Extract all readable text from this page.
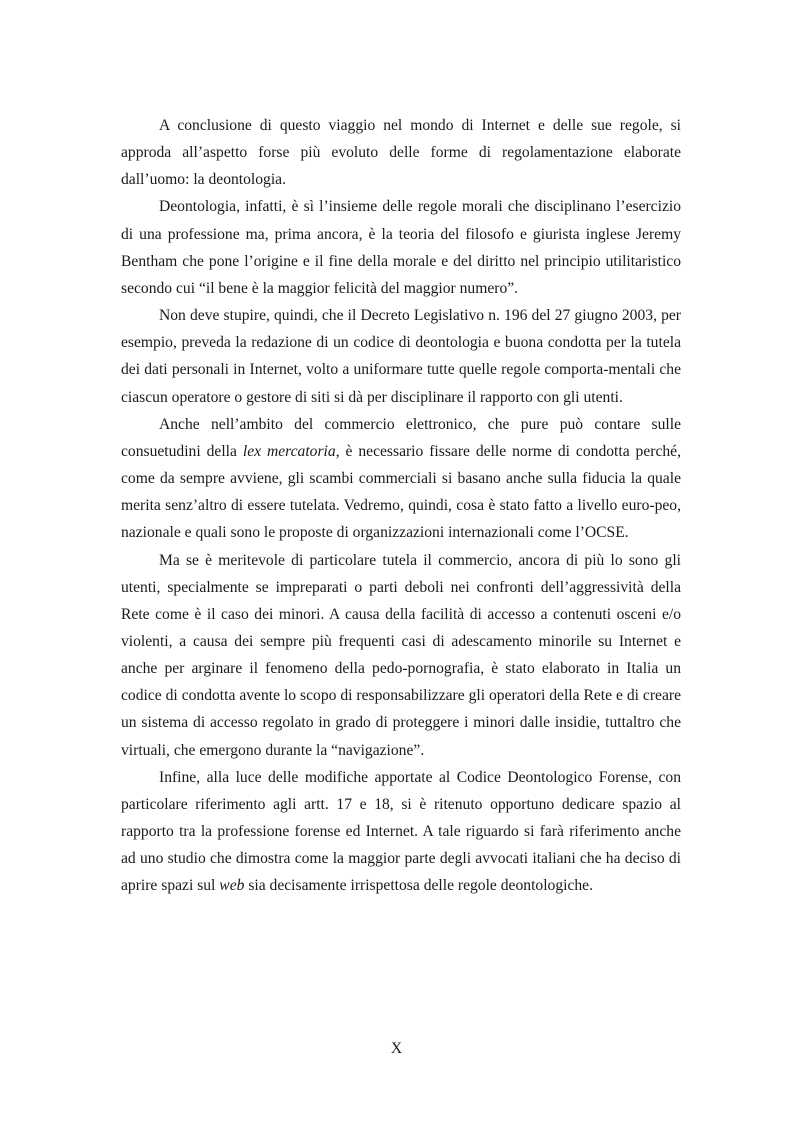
A conclusione di questo viaggio nel mondo di Internet e delle sue regole, si approda all’aspetto forse più evoluto delle forme di regolamentazione elaborate dall’uomo: la deontologia.

Deontologia, infatti, è sì l’insieme delle regole morali che disciplinano l’esercizio di una professione ma, prima ancora, è la teoria del filosofo e giurista inglese Jeremy Bentham che pone l’origine e il fine della morale e del diritto nel principio utilitaristico secondo cui “il bene è la maggior felicità del maggior numero”.

Non deve stupire, quindi, che il Decreto Legislativo n. 196 del 27 giugno 2003, per esempio, preveda la redazione di un codice di deontologia e buona condotta per la tutela dei dati personali in Internet, volto a uniformare tutte quelle regole comporta-mentali che ciascun operatore o gestore di siti si dà per disciplinare il rapporto con gli utenti.

Anche nell’ambito del commercio elettronico, che pure può contare sulle consuetudini della lex mercatoria, è necessario fissare delle norme di condotta perché, come da sempre avviene, gli scambi commerciali si basano anche sulla fiducia la quale merita senz’altro di essere tutelata. Vedremo, quindi, cosa è stato fatto a livello euro-peo, nazionale e quali sono le proposte di organizzazioni internazionali come l’OCSE.

Ma se è meritevole di particolare tutela il commercio, ancora di più lo sono gli utenti, specialmente se impreparati o parti deboli nei confronti dell’aggressività della Rete come è il caso dei minori. A causa della facilità di accesso a contenuti osceni e/o violenti, a causa dei sempre più frequenti casi di adescamento minorile su Internet e anche per arginare il fenomeno della pedo-pornografia, è stato elaborato in Italia un codice di condotta avente lo scopo di responsabilizzare gli operatori della Rete e di creare un sistema di accesso regolato in grado di proteggere i minori dalle insidie, tuttaltro che virtuali, che emergono durante la “navigazione”.

Infine, alla luce delle modifiche apportate al Codice Deontologico Forense, con particolare riferimento agli artt. 17 e 18, si è ritenuto opportuno dedicare spazio al rapporto tra la professione forense ed Internet. A tale riguardo si farà riferimento anche ad uno studio che dimostra come la maggior parte degli avvocati italiani che ha deciso di aprire spazi sul web sia decisamente irrispettosa delle regole deontologiche.

X
